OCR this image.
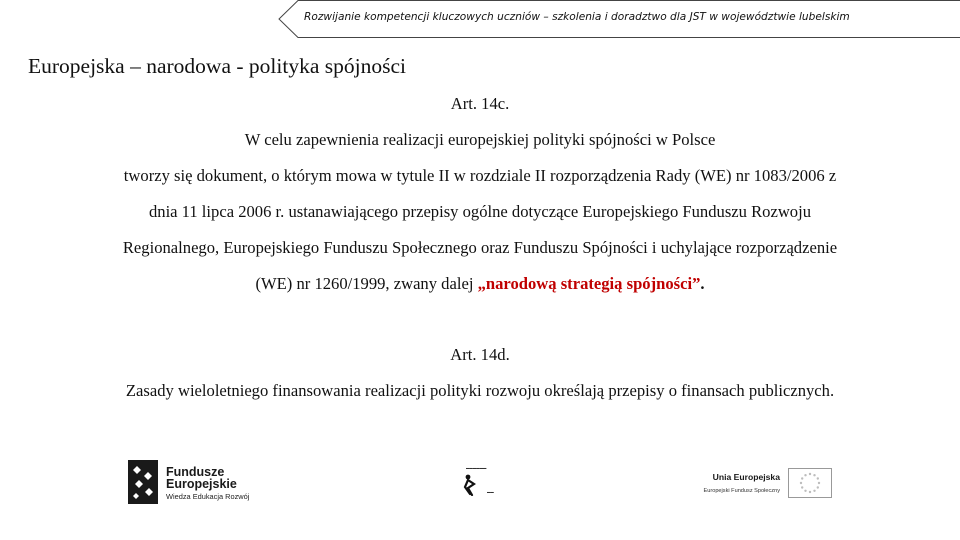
Rozwijanie kompetencji kluczowych uczniów – szkolenia i doradztwo dla JST w województwie lubelskim
Europejska – narodowa - polityka spójności
Art. 14c.
W celu zapewnienia realizacji europejskiej polityki spójności w Polsce
tworzy się dokument, o którym mowa w tytule II w rozdziale II rozporządzenia Rady (WE) nr 1083/2006 z
dnia 11 lipca 2006 r. ustanawiającego przepisy ogólne dotyczące Europejskiego Funduszu Rozwoju
Regionalnego, Europejskiego Funduszu Społecznego oraz Funduszu Spójności i uchylające rozporządzenie
(WE) nr 1260/1999, zwany dalej „narodową strategią spójności”.
Art. 14d.
Zasady wieloletniego finansowania realizacji polityki rozwoju określają przepisy o finansach publicznych.
Fundusze
Europejskie
Wiedza Edukacja Rozwój
▬▬▬▬▬▬
▬▬
Unia Europejska
Europejski Fundusz Społeczny
